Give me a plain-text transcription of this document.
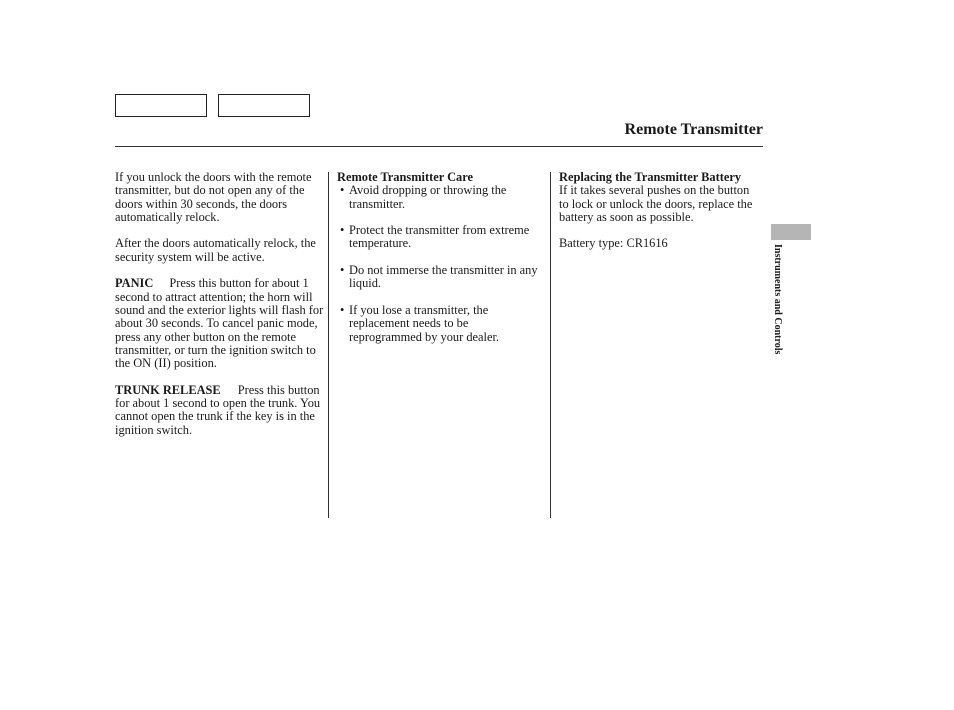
Remote Transmitter

If you unlock the doors with the remote transmitter, but do not open any of the doors within 30 seconds, the doors automatically relock.

After the doors automatically relock, the security system will be active.

PANIC Press this button for about 1 second to attract attention; the horn will sound and the exterior lights will flash for about 30 seconds. To cancel panic mode, press any other button on the remote transmitter, or turn the ignition switch to the ON (II) position.

TRUNK RELEASE Press this button for about 1 second to open the trunk. You cannot open the trunk if the key is in the ignition switch.

Remote Transmitter Care
• Avoid dropping or throwing the transmitter.
• Protect the transmitter from extreme temperature.
• Do not immerse the transmitter in any liquid.
• If you lose a transmitter, the replacement needs to be reprogrammed by your dealer.
Replacing the Transmitter Battery

If it takes several pushes on the button to lock or unlock the doors, replace the battery as soon as possible.

Battery type: CR1616

Instruments and Controls
